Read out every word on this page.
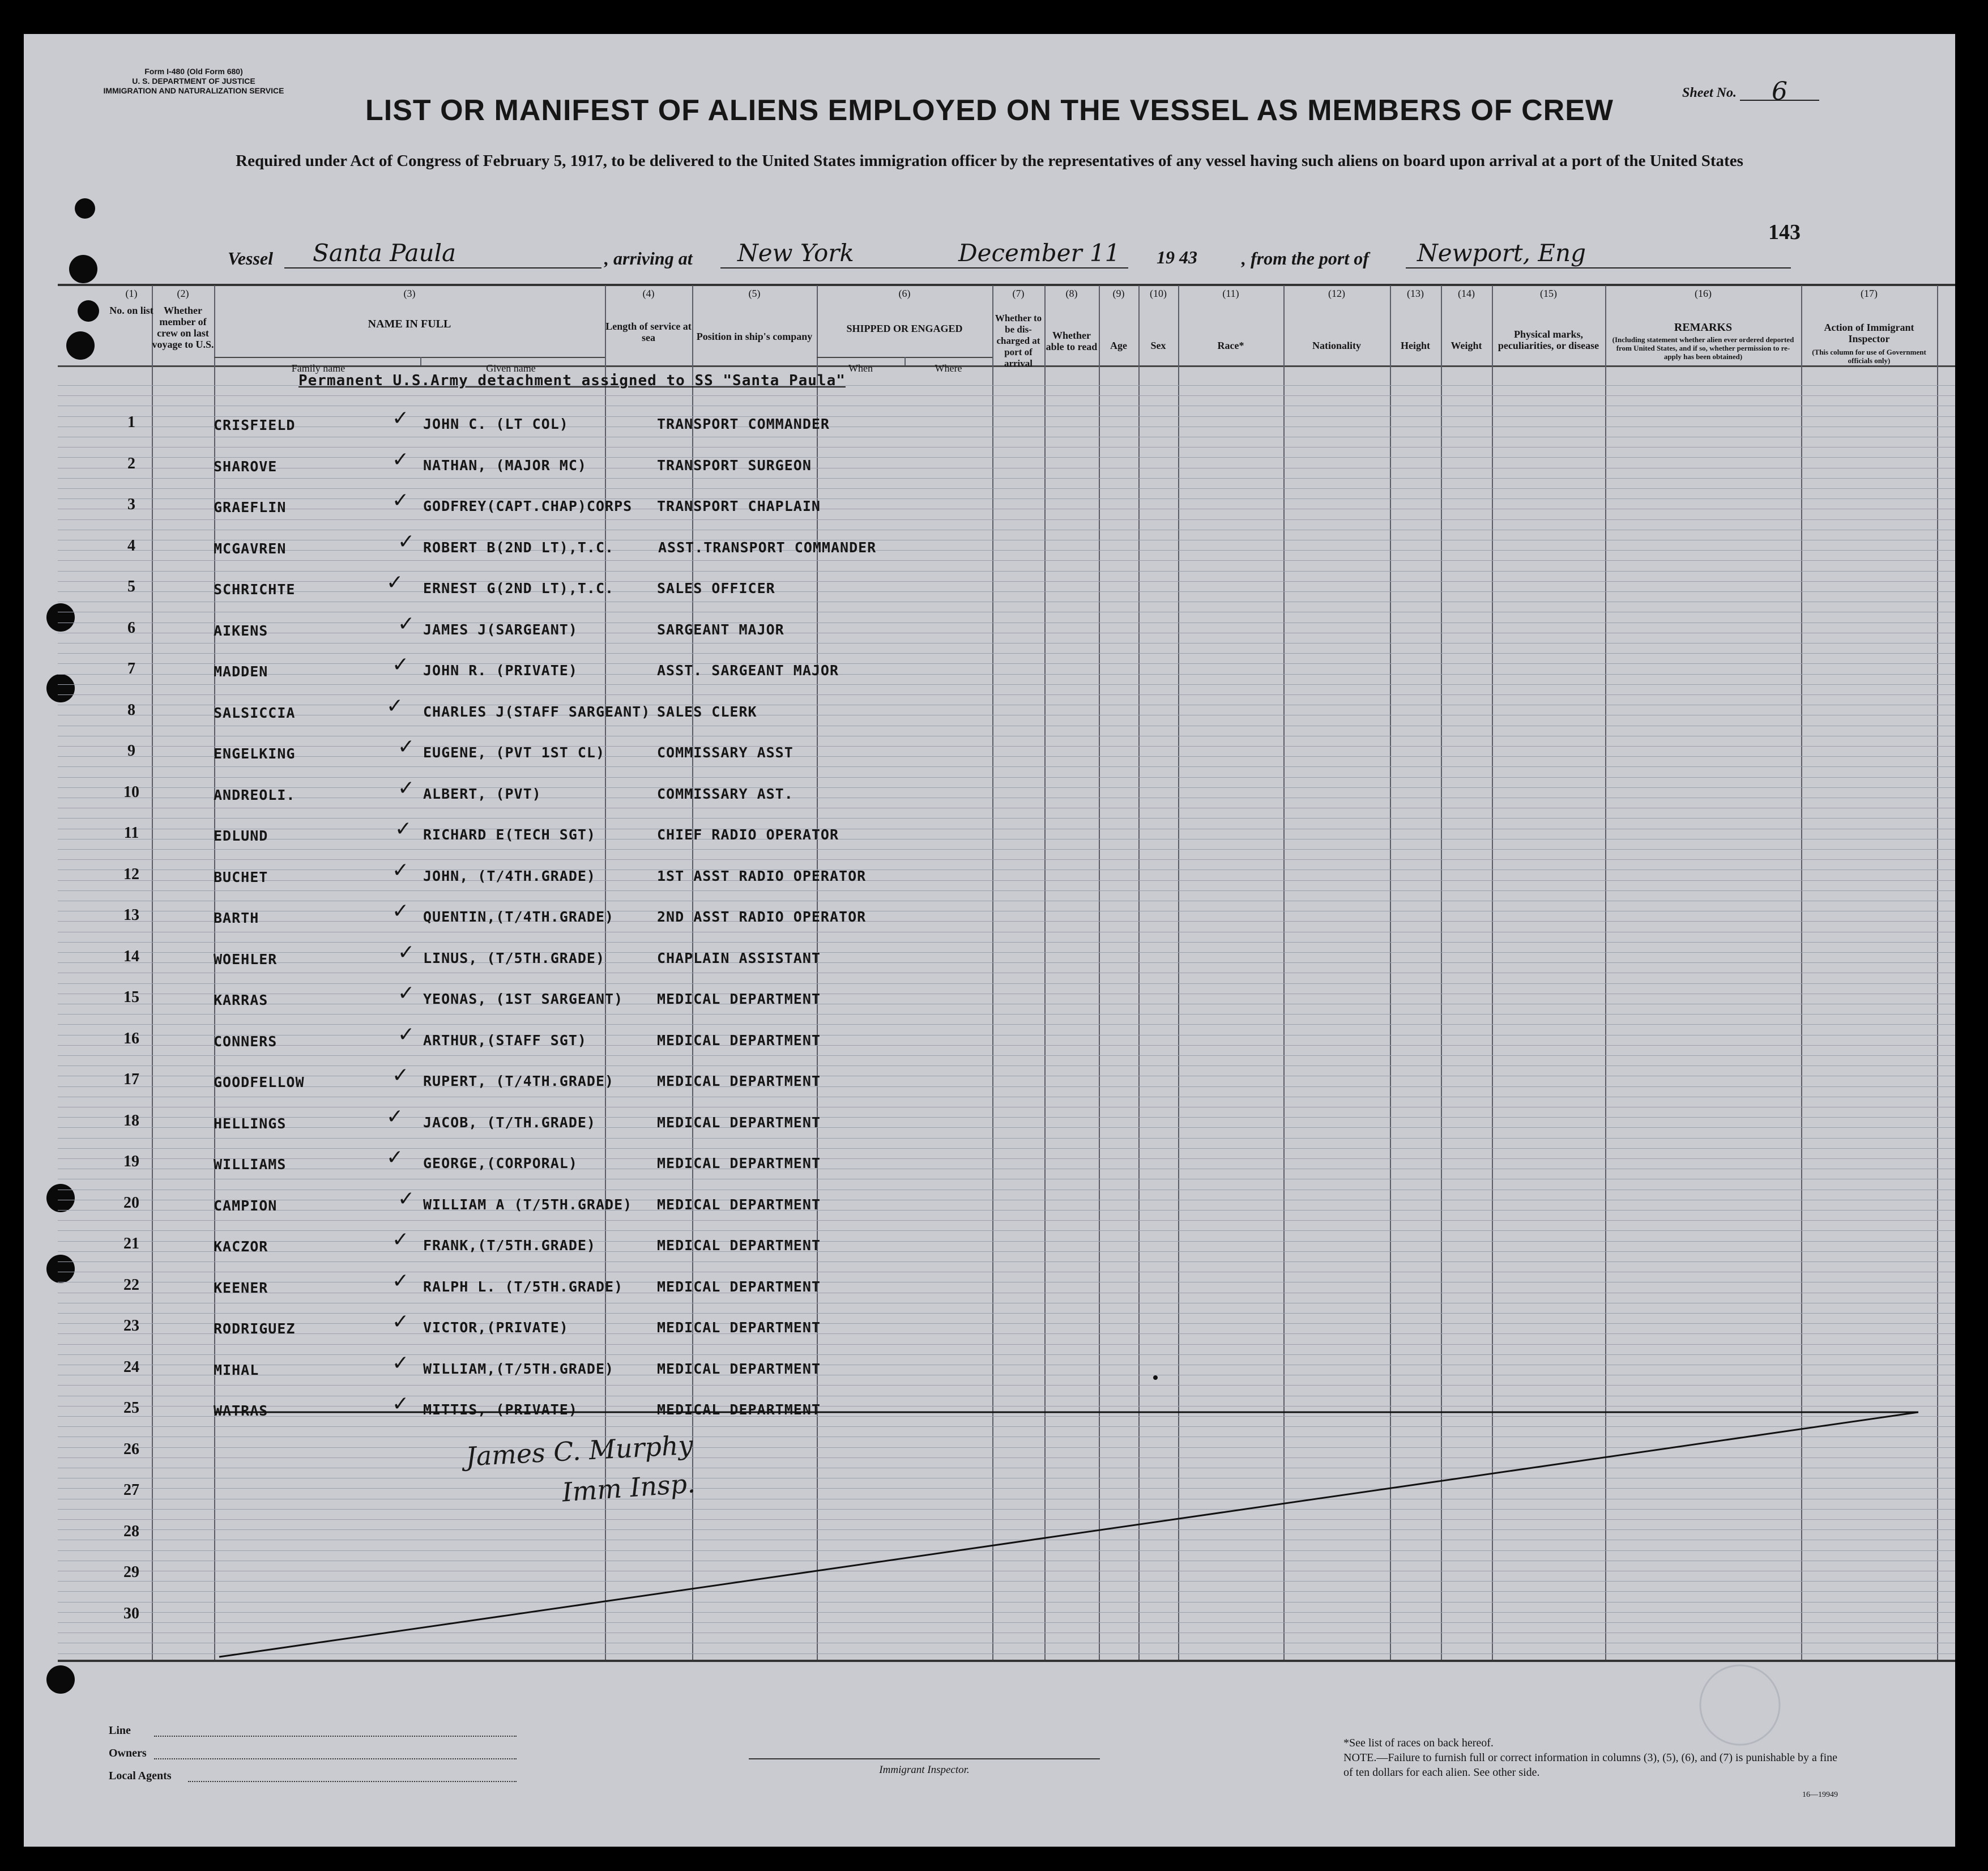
Form I-480 (Old Form 680)
U. S. DEPARTMENT OF JUSTICE
IMMIGRATION AND NATURALIZATION SERVICE	Sheet No. 6
LIST OR MANIFEST OF ALIENS EMPLOYED ON THE VESSEL AS MEMBERS OF CREW
Required under Act of Congress of February 5, 1917, to be delivered to the United States immigration officer by the representatives of any vessel having such aliens on board upon arrival at a port of the United States
143
Vessel Santa Paula	, arriving at New York	December 11 19 43 , from the port of Newport, Eng
(1)
No. on list
(2)
Whether member of crew on last voyage to U.S.
(3)
NAME IN FULL
Family name	Given name
(4)
Length of service at sea
(5)
Position in ship's company
(6)
SHIPPED OR ENGAGED
When	Where
(7)
Whether to be dis- charged at port of arrival
(8)
Whether able to read
(9)
Age
(10)
Sex
(11)
Race*
(12)
Nationality
(13)
Height
(14)
Weight
(15)
Physical marks, peculiarities, or disease
(16)
REMARKS
(Including statement whether alien ever ordered deported from United States, and if so, whether permission to re-apply has been obtained)
(17)
Action of Immigrant Inspector
(This column for use of Government officials only)
Permanent U.S.Army detachment assigned to SS "Santa Paula"
1	CRISFIELD	✓ JOHN C. (LT COL)	TRANSPORT COMMANDER
2	SHAROVE	✓ NATHAN, (MAJOR MC)	TRANSPORT SURGEON
3	GRAEFLIN	✓ GODFREY(CAPT.CHAP)CORPS TRANSPORT CHAPLAIN
4	MCGAVREN	✓ ROBERT B(2ND LT),T.C.	ASST.TRANSPORT COMMANDER
5	SCHRICHTE	✓ ERNEST G(2ND LT),T.C.	SALES OFFICER
6	AIKENS	✓ JAMES J(SARGEANT)	SARGEANT MAJOR
7	MADDEN	✓ JOHN R. (PRIVATE)	ASST. SARGEANT MAJOR
8	SALSICCIA	✓ CHARLES J(STAFF SARGEANT) SALES CLERK
9	ENGELKING	✓ EUGENE, (PVT 1ST CL)	COMMISSARY ASST
10	ANDREOLI.	✓ ALBERT, (PVT)	COMMISSARY AST.
11	EDLUND	✓ RICHARD E(TECH SGT)	CHIEF RADIO OPERATOR
12	BUCHET	✓ JOHN, (T/4TH.GRADE)	1ST ASST RADIO OPERATOR
13	BARTH	✓ QUENTIN,(T/4TH.GRADE)	2ND ASST RADIO OPERATOR
14	WOEHLER	✓ LINUS, (T/5TH.GRADE)	CHAPLAIN ASSISTANT
15	KARRAS	✓ YEONAS, (1ST SARGEANT) MEDICAL DEPARTMENT
16	CONNERS	✓ ARTHUR,(STAFF SGT)	MEDICAL DEPARTMENT
17	GOODFELLOW	✓ RUPERT, (T/4TH.GRADE)	MEDICAL DEPARTMENT
18	HELLINGS	✓ JACOB, (T/TH.GRADE)	MEDICAL DEPARTMENT
19	WILLIAMS	✓ GEORGE,(CORPORAL)	MEDICAL DEPARTMENT
20	CAMPION	✓ WILLIAM A (T/5TH.GRADE) MEDICAL DEPARTMENT
21	KACZOR	✓ FRANK,(T/5TH.GRADE)	MEDICAL DEPARTMENT
22	KEENER	✓ RALPH L. (T/5TH.GRADE) MEDICAL DEPARTMENT
23	RODRIGUEZ	✓ VICTOR,(PRIVATE)	MEDICAL DEPARTMENT
24	MIHAL	✓ WILLIAM,(T/5TH.GRADE)	MEDICAL DEPARTMENT
25	WATRAS	✓ MITTIS, (PRIVATE)	MEDICAL DEPARTMENT
26
27
28
29
30
James C. Murphy
Imm Insp.
Line
Owners
Local Agents	Immigrant Inspector.
*See list of races on back hereof.
NOTE.—Failure to furnish full or correct information in columns (3), (5), (6), and (7) is punishable by a fine of ten dollars for each alien. See other side.
16—19949
